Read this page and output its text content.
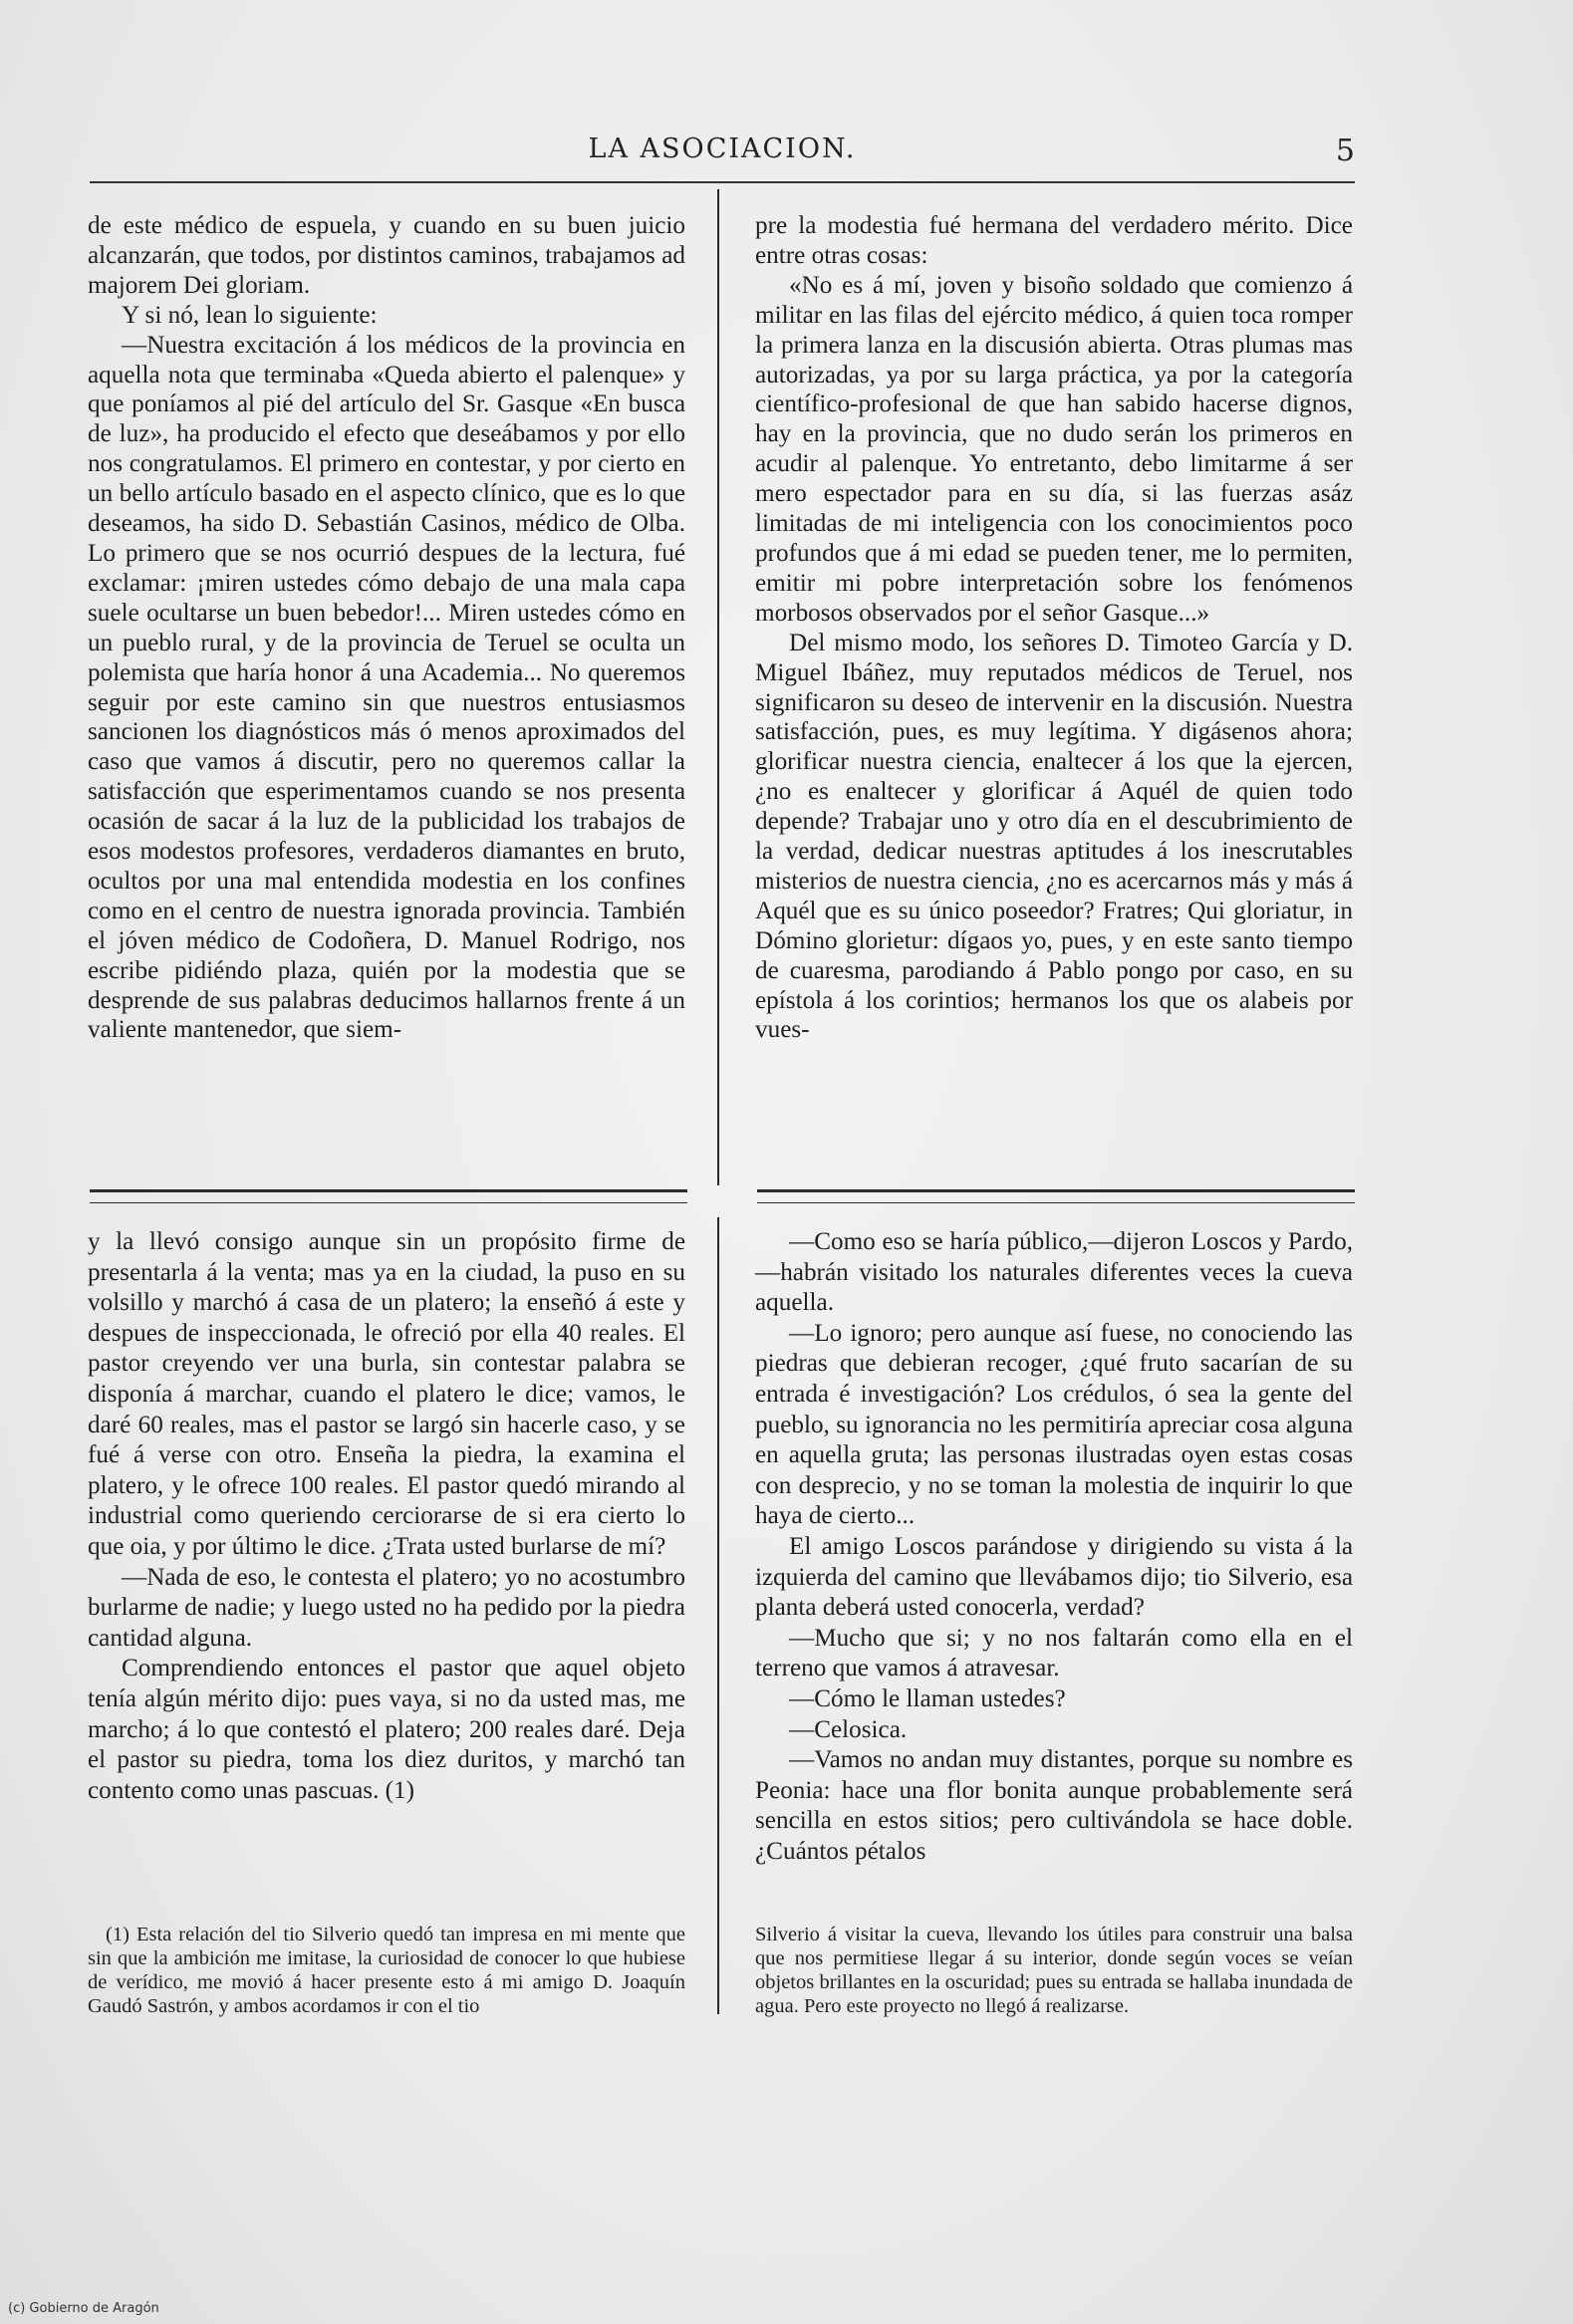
LA ASOCIACION.	5

de este médico de espuela, y cuando en su buen juicio alcanzarán, que todos, por distintos caminos, trabajamos ad majorem Dei gloriam.

Y si nó, lean lo siguiente:

—Nuestra excitación á los médicos de la provincia en aquella nota que terminaba «Queda abierto el palenque» y que poníamos al pié del artículo del Sr. Gasque «En busca de luz», ha producido el efecto que deseábamos y por ello nos congratulamos. El primero en contestar, y por cierto en un bello artículo basado en el aspecto clínico, que es lo que deseamos, ha sido D. Sebastián Casinos, médico de Olba. Lo primero que se nos ocurrió despues de la lectura, fué exclamar: ¡miren ustedes cómo debajo de una mala capa suele ocultarse un buen bebedor!... Miren ustedes cómo en un pueblo rural, y de la provincia de Teruel se oculta un polemista que haría honor á una Academia... No queremos seguir por este camino sin que nuestros entusiasmos sancionen los diagnósticos más ó menos aproximados del caso que vamos á discutir, pero no queremos callar la satisfacción que esperimentamos cuando se nos presenta ocasión de sacar á la luz de la publicidad los trabajos de esos modestos profesores, verdaderos diamantes en bruto, ocultos por una mal entendida modestia en los confines como en el centro de nuestra ignorada provincia. También el jóven médico de Codoñera, D. Manuel Rodrigo, nos escribe pidiéndo plaza, quién por la modestia que se desprende de sus palabras deducimos hallarnos frente á un valiente mantenedor, que siem-

pre la modestia fué hermana del verdadero mérito. Dice entre otras cosas:

«No es á mí, joven y bisoño soldado que comienzo á militar en las filas del ejército médico, á quien toca romper la primera lanza en la discusión abierta. Otras plumas mas autorizadas, ya por su larga práctica, ya por la categoría científico-profesional de que han sabido hacerse dignos, hay en la provincia, que no dudo serán los primeros en acudir al palenque. Yo entretanto, debo limitarme á ser mero espectador para en su día, si las fuerzas asáz limitadas de mi inteligencia con los conocimientos poco profundos que á mi edad se pueden tener, me lo permiten, emitir mi pobre interpretación sobre los fenómenos morbosos observados por el señor Gasque...»

Del mismo modo, los señores D. Timoteo García y D. Miguel Ibáñez, muy reputados médicos de Teruel, nos significaron su deseo de intervenir en la discusión. Nuestra satisfacción, pues, es muy legítima. Y digásenos ahora; glorificar nuestra ciencia, enaltecer á los que la ejercen, ¿no es enaltecer y glorificar á Aquél de quien todo depende? Trabajar uno y otro día en el descubrimiento de la verdad, dedicar nuestras aptitudes á los inescrutables misterios de nuestra ciencia, ¿no es acercarnos más y más á Aquél que es su único poseedor? Fratres; Qui gloriatur, in Dómino glorietur: dígaos yo, pues, y en este santo tiempo de cuaresma, parodiando á Pablo pongo por caso, en su epístola á los corintios; hermanos los que os alabeis por vues-

y la llevó consigo aunque sin un propósito firme de presentarla á la venta; mas ya en la ciudad, la puso en su volsillo y marchó á casa de un platero; la enseñó á este y despues de inspeccionada, le ofreció por ella 40 reales. El pastor creyendo ver una burla, sin contestar palabra se disponía á marchar, cuando el platero le dice; vamos, le daré 60 reales, mas el pastor se largó sin hacerle caso, y se fué á verse con otro. Enseña la piedra, la examina el platero, y le ofrece 100 reales. El pastor quedó mirando al industrial como queriendo cerciorarse de si era cierto lo que oia, y por último le dice. ¿Trata usted burlarse de mí?

—Nada de eso, le contesta el platero; yo no acostumbro burlarme de nadie; y luego usted no ha pedido por la piedra cantidad alguna.

Comprendiendo entonces el pastor que aquel objeto tenía algún mérito dijo: pues vaya, si no da usted mas, me marcho; á lo que contestó el platero; 200 reales daré. Deja el pastor su piedra, toma los diez duritos, y marchó tan contento como unas pascuas. (1)

—Como eso se haría público,—dijeron Loscos y Pardo,—habrán visitado los naturales diferentes veces la cueva aquella.

—Lo ignoro; pero aunque así fuese, no conociendo las piedras que debieran recoger, ¿qué fruto sacarían de su entrada é investigación? Los crédulos, ó sea la gente del pueblo, su ignorancia no les permitiría apreciar cosa alguna en aquella gruta; las personas ilustradas oyen estas cosas con desprecio, y no se toman la molestia de inquirir lo que haya de cierto...

El amigo Loscos parándose y dirigiendo su vista á la izquierda del camino que llevábamos dijo; tio Silverio, esa planta deberá usted conocerla, verdad?

—Mucho que si; y no nos faltarán como ella en el terreno que vamos á atravesar.

—Cómo le llaman ustedes?

—Celosica.

—Vamos no andan muy distantes, porque su nombre es Peonia: hace una flor bonita aunque probablemente será sencilla en estos sitios; pero cultivándola se hace doble. ¿Cuántos pétalos

(1) Esta relación del tio Silverio quedó tan impresa en mi mente que sin que la ambición me imitase, la curiosidad de conocer lo que hubiese de verídico, me movió á hacer presente esto á mi amigo D. Joaquín Gaudó Sastrón, y ambos acordamos ir con el tio
Silverio á visitar la cueva, llevando los útiles para construir una balsa que nos permitiese llegar á su interior, donde según voces se veían objetos brillantes en la oscuridad; pues su entrada se hallaba inundada de agua. Pero este proyecto no llegó á realizarse.
(c) Gobierno de Aragón
